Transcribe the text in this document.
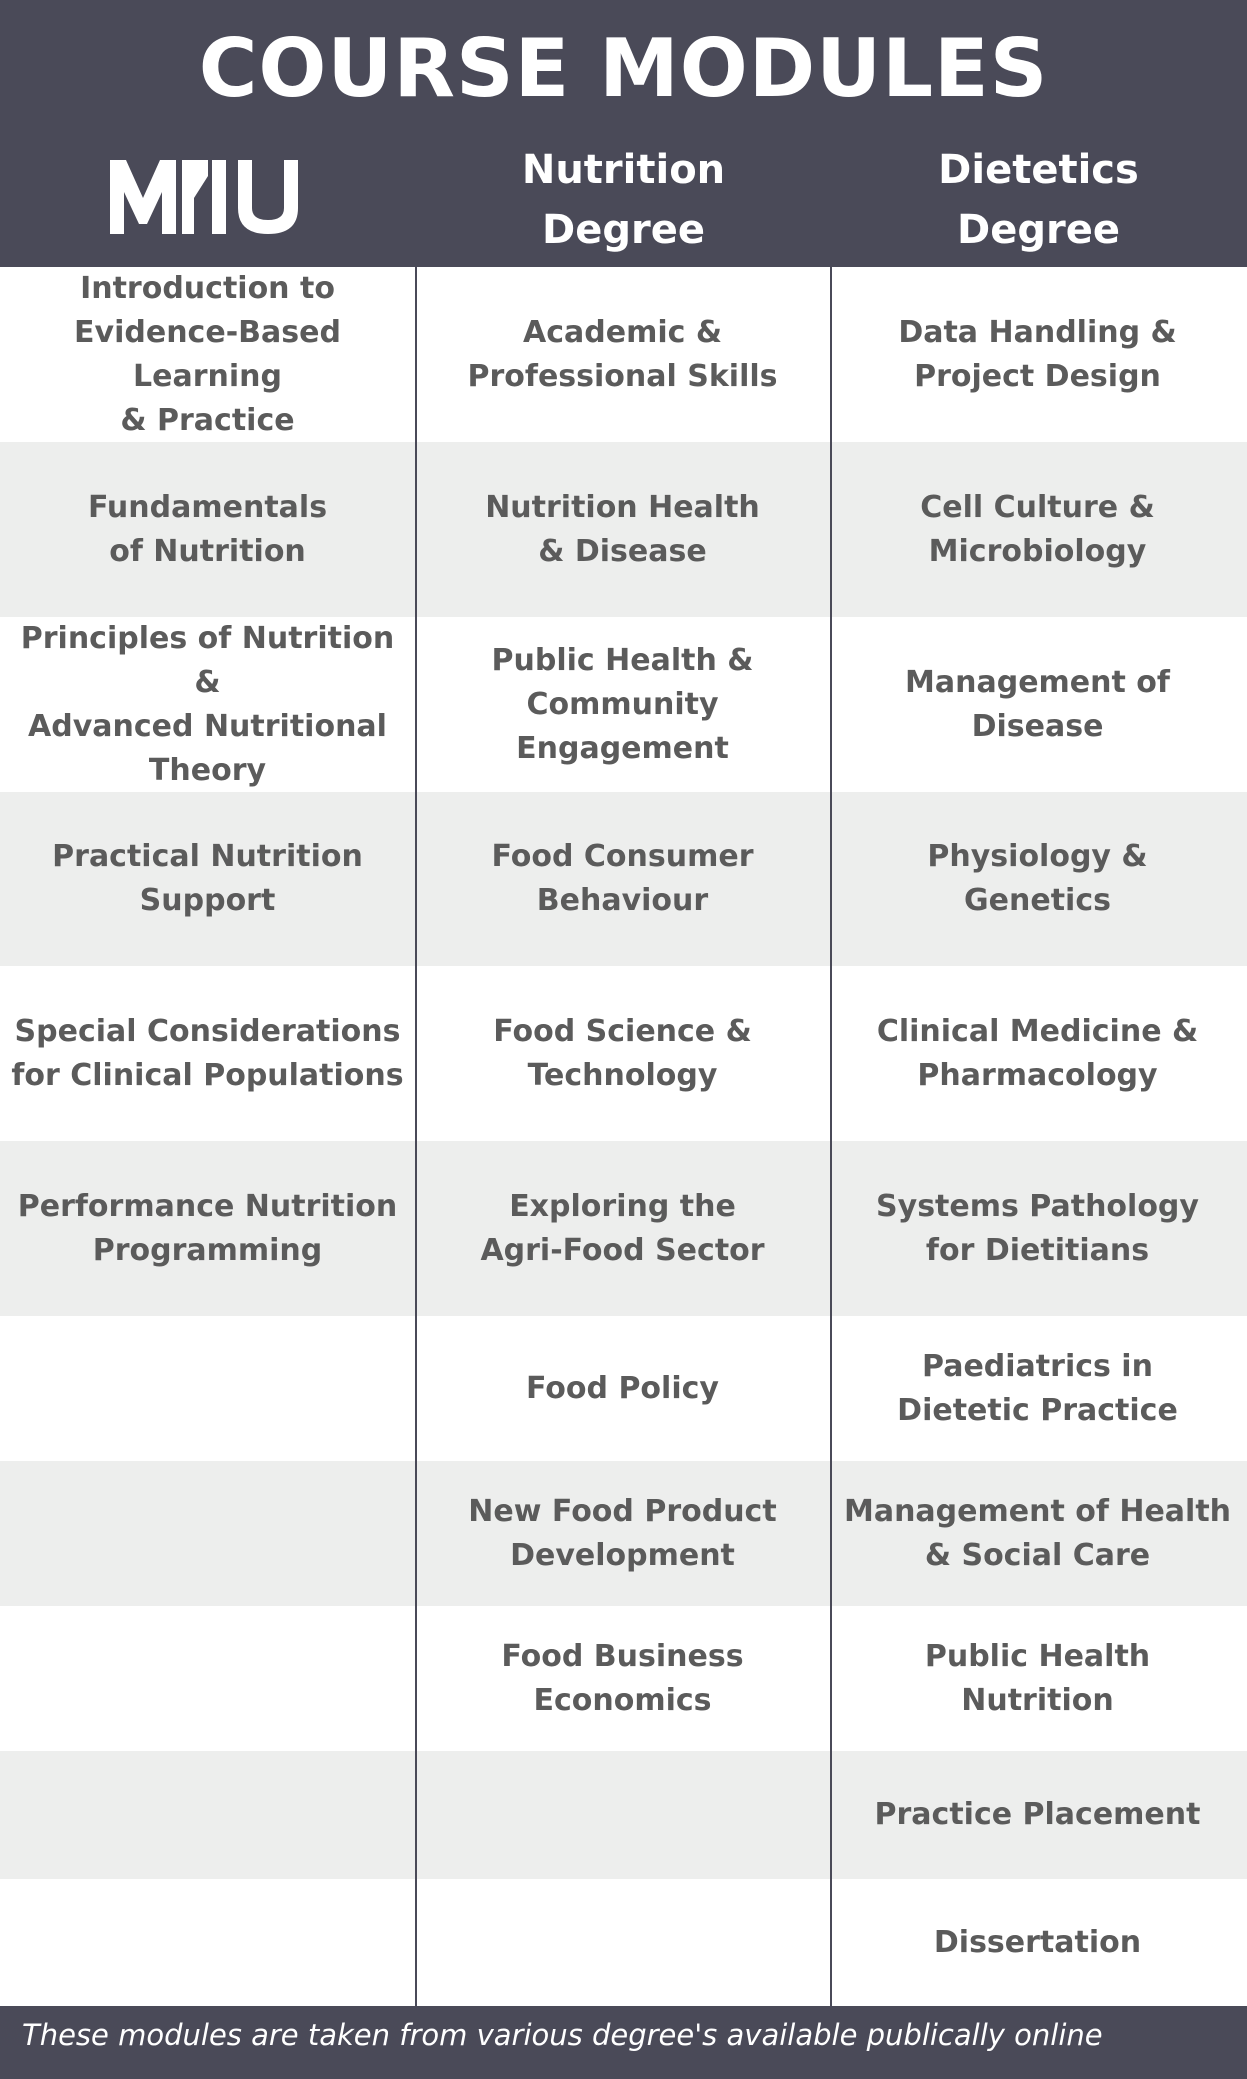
COURSE MODULES
Nutrition
Degree
Dietetics
Degree
Introduction to
Evidence-Based Learning
& Practice
Academic &
Professional Skills
Data Handling &
Project Design
Fundamentals
of Nutrition
Nutrition Health
& Disease
Cell Culture &
Microbiology
Principles of Nutrition &
Advanced Nutritional
Theory
Public Health &
Community Engagement
Management of
Disease
Practical Nutrition
Support
Food Consumer
Behaviour
Physiology &
Genetics
Special Considerations
for Clinical Populations
Food Science &
Technology
Clinical Medicine &
Pharmacology
Performance Nutrition
Programming
Exploring the
Agri-Food Sector
Systems Pathology
for Dietitians
Food Policy
Paediatrics in
Dietetic Practice
New Food Product
Development
Management of Health
& Social Care
Food Business
Economics
Public Health
Nutrition
Practice Placement
Dissertation
These modules are taken from various degree's available publically online
